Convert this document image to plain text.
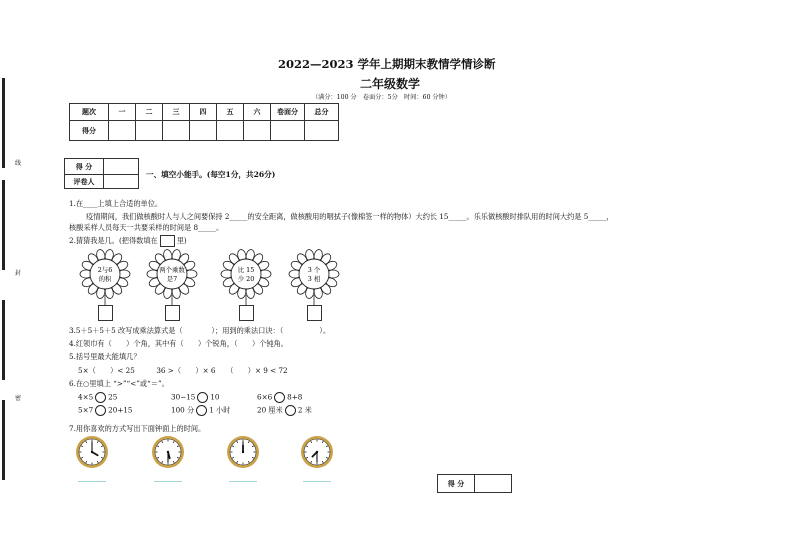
线
封
密
2022—2023 学年上期期末教情学情诊断
二年级数学
（满分：100 分　卷面分：5分　时间：60 分钟）
题次	一	二	三	四	五	六	卷面分	总分
得分								
得 分	
评卷人	
一、填空小能手。(每空1分，共26分)
1.在____上填上合适的单位。
疫情期间，我们做核酸时人与人之间要保持 2_____的安全距离，做核酸用的咽拭子(像棉签一样的物体）大约长 15_____。乐乐做核酸时排队用的时间大约是 5_____，
核酸采样人员每天一共要采样的时间是 8_____。
2.猜猜我是几。(把得数填在	里)
2与6
的积
两个乘数
是7
比 15
少 20
3 个
3 相
3.5＋5＋5＋5 改写成乘法算式是（　　　　）；用到的乘法口诀：（　　　　　）。
4.红领巾有（　　）个角，其中有（　　）个锐角，（　　）个钝角。
5.括号里最大能填几？
5×（　　）< 25　　　36 >（　　）× 6　　（　　）× 9 < 72
6.在○里填上 “>”“<”或“＝”。
4×5 25	30−15 10	6×6 8+8
5×7 20+15	100 分 1 小时	20 厘米 2 米
7.用你喜欢的方式写出下面钟面上的时间。
得 分	
